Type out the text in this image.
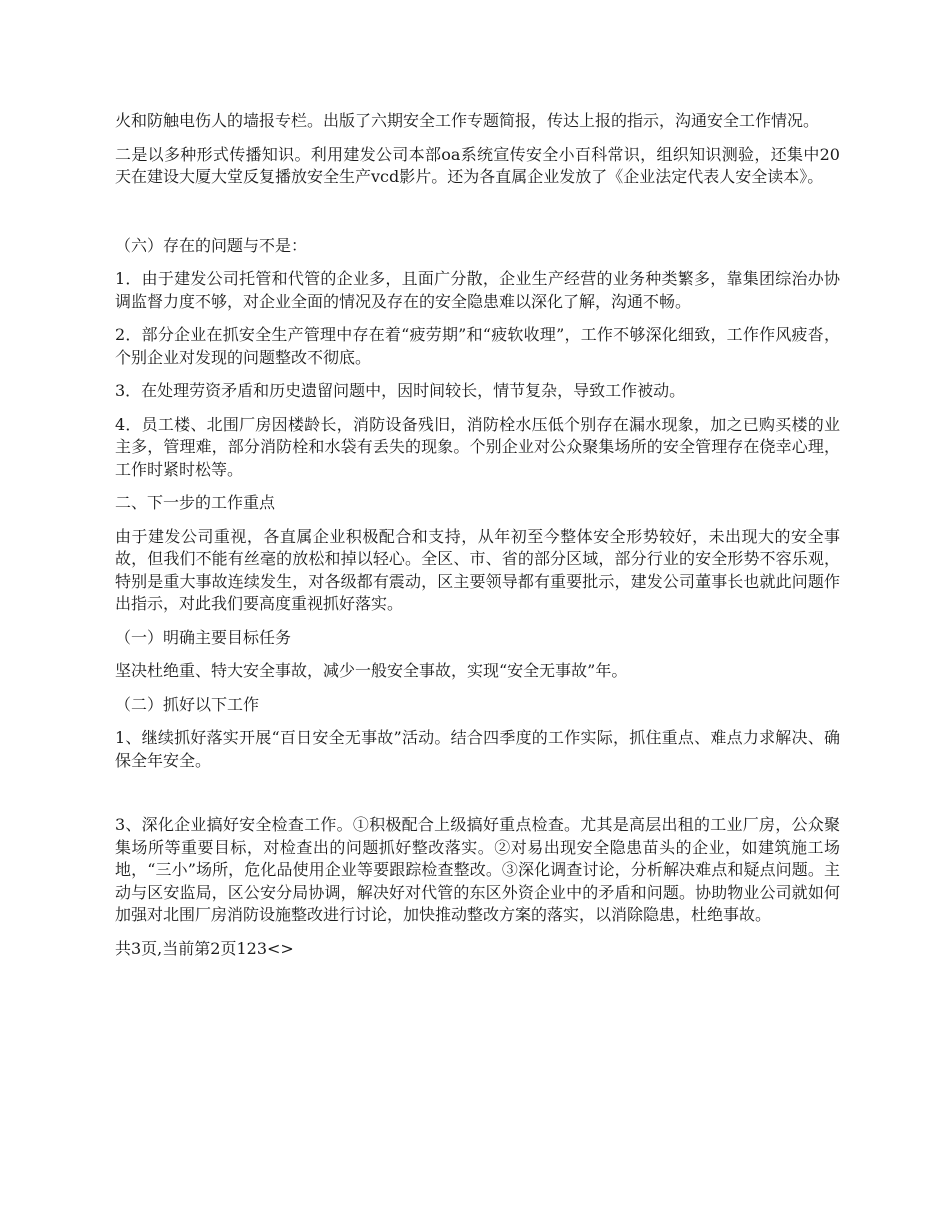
火和防触电伤人的墙报专栏。出版了六期安全工作专题简报，传达上报的指示，沟通安全工作情况。

二是以多种形式传播知识。利用建发公司本部oa系统宣传安全小百科常识，组织知识测验，还集中20天在建设大厦大堂反复播放安全生产vcd影片。还为各直属企业发放了《企业法定代表人安全读本》。

（六）存在的问题与不是：

1．由于建发公司托管和代管的企业多，且面广分散，企业生产经营的业务种类繁多，靠集团综治办协调监督力度不够，对企业全面的情况及存在的安全隐患难以深化了解，沟通不畅。

2．部分企业在抓安全生产管理中存在着“疲劳期”和“疲软收理”，工作不够深化细致，工作作风疲沓，个别企业对发现的问题整改不彻底。

3．在处理劳资矛盾和历史遗留问题中，因时间较长，情节复杂，导致工作被动。

4．员工楼、北围厂房因楼龄长，消防设备残旧，消防栓水压低个别存在漏水现象，加之已购买楼的业主多，管理难，部分消防栓和水袋有丢失的现象。个别企业对公众聚集场所的安全管理存在侥幸心理，工作时紧时松等。

二、下一步的工作重点

由于建发公司重视，各直属企业积极配合和支持，从年初至今整体安全形势较好，未出现大的安全事故，但我们不能有丝毫的放松和掉以轻心。全区、市、省的部分区域，部分行业的安全形势不容乐观，特别是重大事故连续发生，对各级都有震动，区主要领导都有重要批示，建发公司董事长也就此问题作出指示，对此我们要高度重视抓好落实。

（一）明确主要目标任务

坚决杜绝重、特大安全事故，减少一般安全事故，实现“安全无事故”年。

（二）抓好以下工作

1、继续抓好落实开展“百日安全无事故”活动。结合四季度的工作实际，抓住重点、难点力求解决、确保全年安全。

3、深化企业搞好安全检查工作。①积极配合上级搞好重点检查。尤其是高层出租的工业厂房，公众聚集场所等重要目标，对检查出的问题抓好整改落实。②对易出现安全隐患苗头的企业，如建筑施工场地，“三小”场所，危化品使用企业等要跟踪检查整改。③深化调查讨论，分析解决难点和疑点问题。主动与区安监局，区公安分局协调，解决好对代管的东区外资企业中的矛盾和问题。协助物业公司就如何加强对北围厂房消防设施整改进行讨论，加快推动整改方案的落实，以消除隐患，杜绝事故。

共3页,当前第2页123<>
